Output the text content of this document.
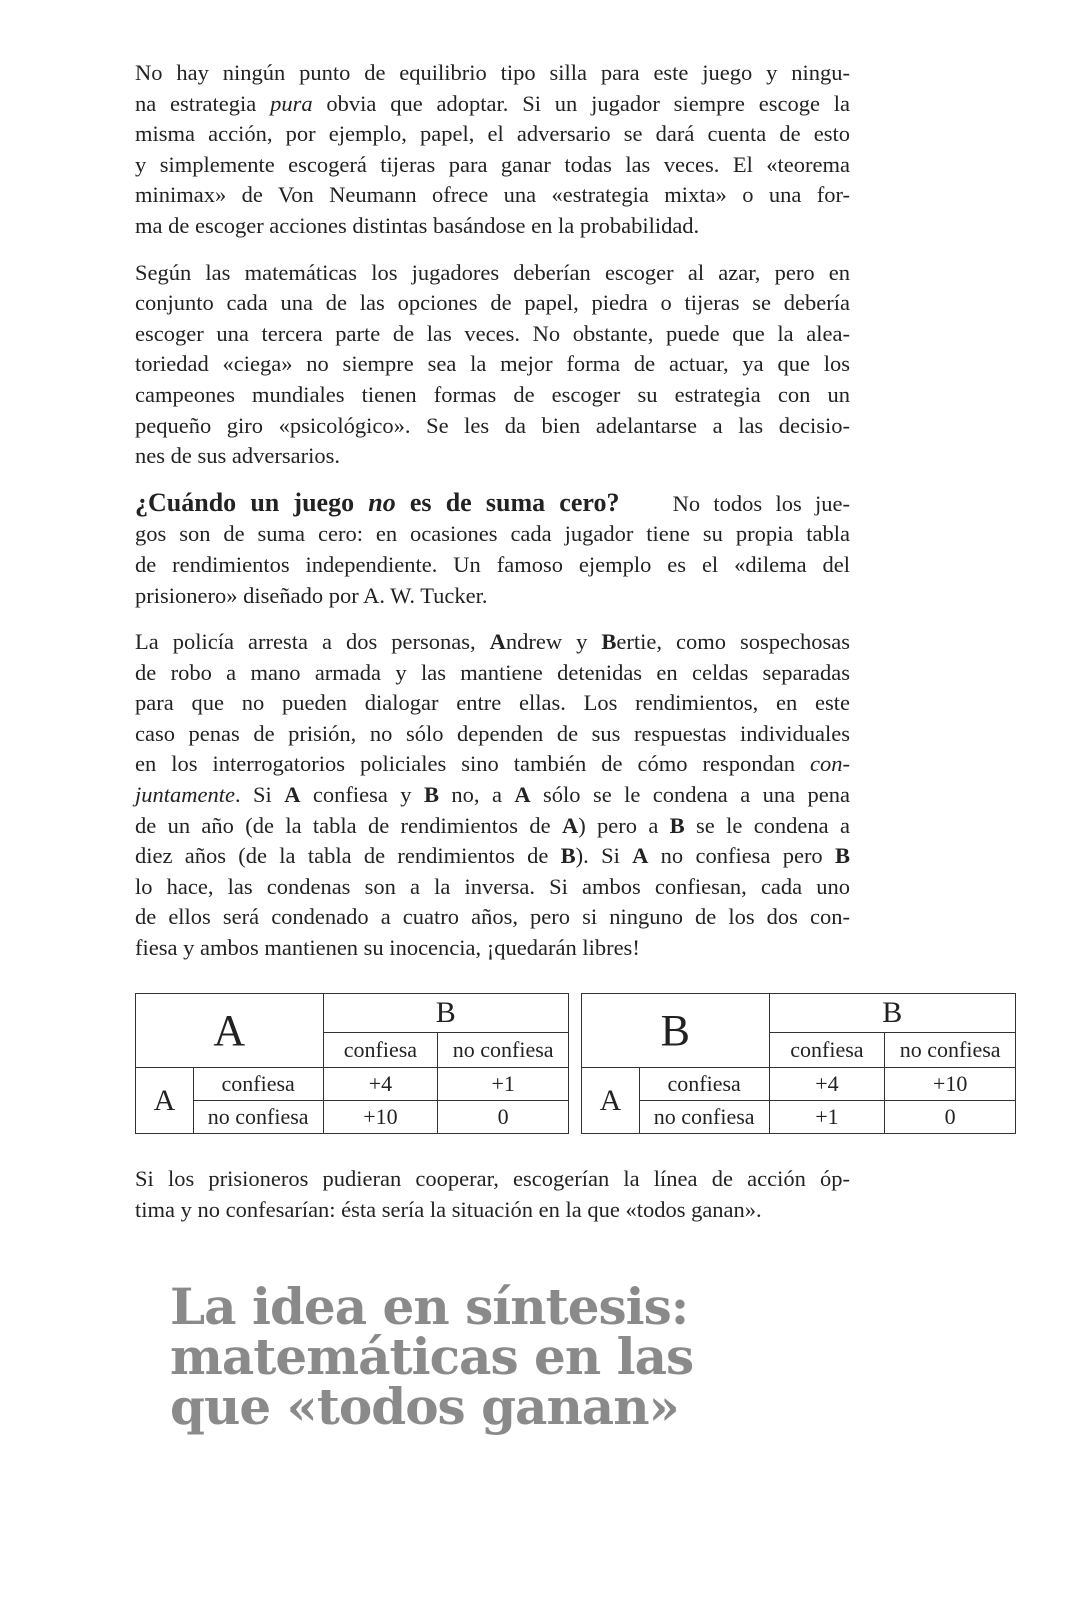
No hay ningún punto de equilibrio tipo silla para este juego y ningu-
na estrategia pura obvia que adoptar. Si un jugador siempre escoge la
misma acción, por ejemplo, papel, el adversario se dará cuenta de esto
y simplemente escogerá tijeras para ganar todas las veces. El «teorema
minimax» de Von Neumann ofrece una «estrategia mixta» o una for-
ma de escoger acciones distintas basándose en la probabilidad.
Según las matemáticas los jugadores deberían escoger al azar, pero en
conjunto cada una de las opciones de papel, piedra o tijeras se debería
escoger una tercera parte de las veces. No obstante, puede que la alea-
toriedad «ciega» no siempre sea la mejor forma de actuar, ya que los
campeones mundiales tienen formas de escoger su estrategia con un
pequeño giro «psicológico». Se les da bien adelantarse a las decisio-
nes de sus adversarios.
¿Cuándo un juego no es de suma cero?    No todos los jue-
gos son de suma cero: en ocasiones cada jugador tiene su propia tabla
de rendimientos independiente. Un famoso ejemplo es el «dilema del
prisionero» diseñado por A. W. Tucker.
La policía arresta a dos personas, Andrew y Bertie, como sospechosas
de robo a mano armada y las mantiene detenidas en celdas separadas
para que no pueden dialogar entre ellas. Los rendimientos, en este
caso penas de prisión, no sólo dependen de sus respuestas individuales
en los interrogatorios policiales sino también de cómo respondan con-
juntamente. Si A confiesa y B no, a A sólo se le condena a una pena
de un año (de la tabla de rendimientos de A) pero a B se le condena a
diez años (de la tabla de rendimientos de B). Si A no confiesa pero B
lo hace, las condenas son a la inversa. Si ambos confiesan, cada uno
de ellos será condenado a cuatro años, pero si ninguno de los dos con-
fiesa y ambos mantienen su inocencia, ¡quedarán libres!
A		B	
		confiesa	no confiesa
A	confiesa	+4	+1
	no confiesa	+10	0
B		B	
		confiesa	no confiesa
A	confiesa	+4	+10
	no confiesa	+1	0
Si los prisioneros pudieran cooperar, escogerían la línea de acción óp-
tima y no confesarían: ésta sería la situación en la que «todos ganan».
La idea en síntesis:
matemáticas en las
que «todos ganan»
